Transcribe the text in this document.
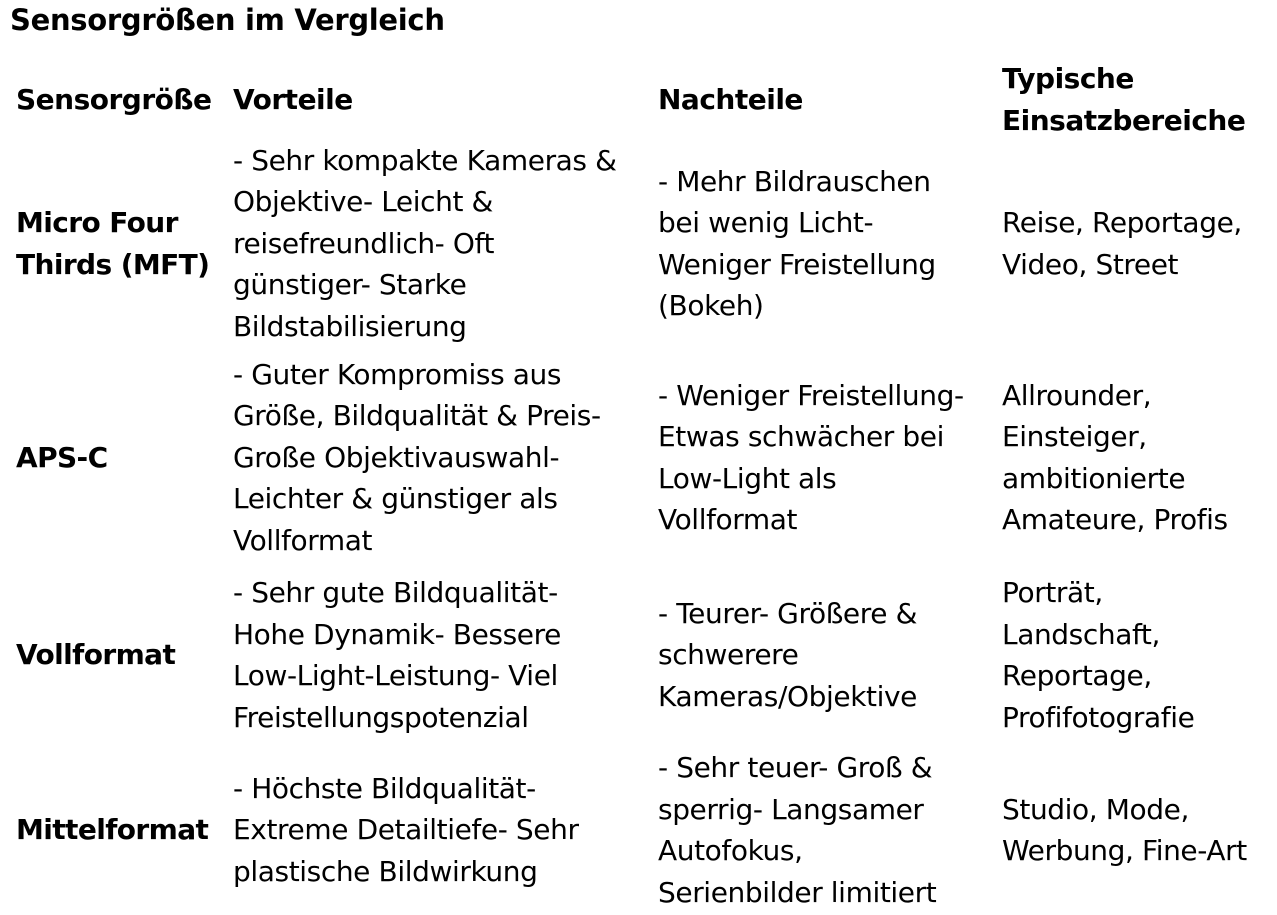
Sensorgrößen im Vergleich
Sensorgröße Vorteile	Nachteile
Typische
Einsatzbereiche
Micro Four
Thirds (MFT)
- Sehr kompakte Kameras &
Objektive- Leicht &
reisefreundlich- Oft
günstiger- Starke
Bildstabilisierung
- Mehr Bildrauschen
bei wenig Licht-
Weniger Freistellung
(Bokeh)
Reise, Reportage,
Video, Street
APS-C
- Guter Kompromiss aus
Größe, Bildqualität & Preis-
Große Objektivauswahl-
Leichter & günstiger als
Vollformat
- Weniger Freistellung-
Etwas schwächer bei
Low-Light als
Vollformat
Allrounder,
Einsteiger,
ambitionierte
Amateure, Profis
Vollformat
- Sehr gute Bildqualität-
Hohe Dynamik- Bessere
Low-Light-Leistung- Viel
Freistellungspotenzial
- Teurer- Größere &
schwerere
Kameras/Objektive
Porträt,
Landschaft,
Reportage,
Profifotografie
Mittelformat
- Höchste Bildqualität-
Extreme Detailtiefe- Sehr
plastische Bildwirkung
- Sehr teuer- Groß &
sperrig- Langsamer
Autofokus,
Serienbilder limitiert
Studio, Mode,
Werbung, Fine-Art
